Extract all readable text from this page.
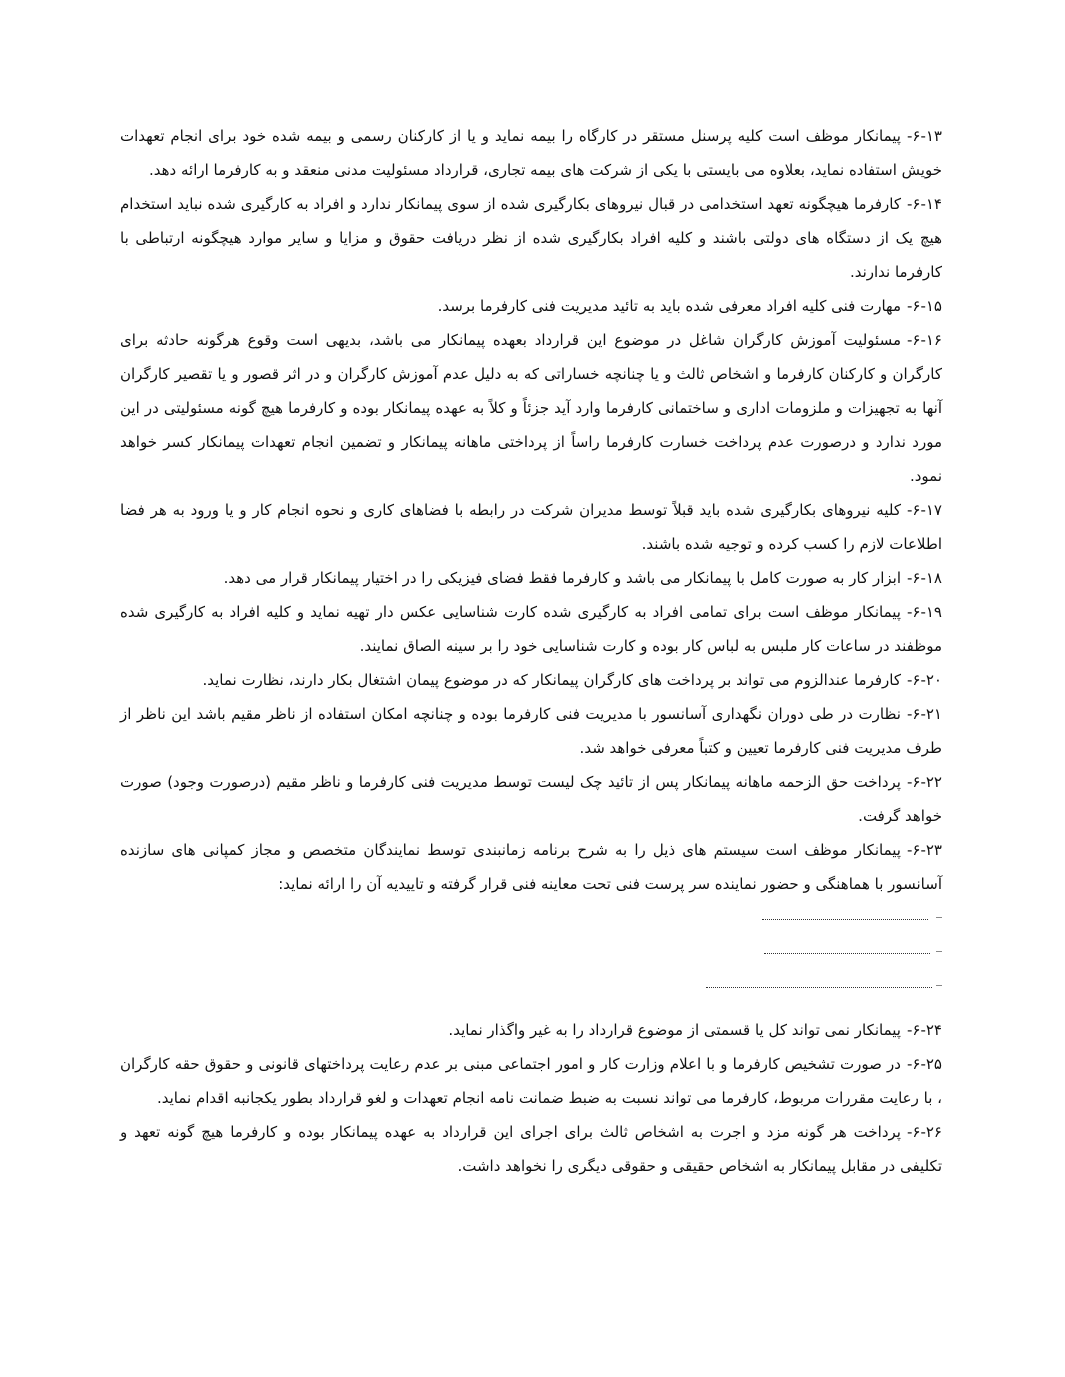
۶-۱۳-پیمانکار موظف است کلیه پرسنل مستقر در کارگاه را بیمه نماید و یا از کارکنان رسمی و بیمه شده خود برای انجام تعهدات خویش استفاده نماید، بعلاوه می بایستی با یکی از شرکت های بیمه تجاری، قرارداد مسئولیت مدنی منعقد و به کارفرما ارائه دهد.

۶-۱۴-کارفرما هیچگونه تعهد استخدامی در قبال نیروهای بکارگیری شده از سوی پیمانکار ندارد و افراد به کارگیری شده نباید استخدام هیچ یک از دستگاه های دولتی باشند و کلیه افراد بکارگیری شده از نظر دریافت حقوق و مزایا و سایر موارد هیچگونه ارتباطی با کارفرما ندارند.

۶-۱۵-مهارت فنی کلیه افراد معرفی شده باید به تائید مدیریت فنی کارفرما برسد.

۶-۱۶-مسئولیت آموزش کارگران شاغل در موضوع این قرارداد بعهده پیمانکار می باشد، بدیهی است وقوع هرگونه حادثه برای کارگران و کارکنان کارفرما و اشخاص ثالث و یا چنانچه خساراتی که به دلیل عدم آموزش کارگران و در اثر قصور و یا تقصیر کارگران آنها به تجهیزات و ملزومات اداری و ساختمانی کارفرما وارد آید جزئاً و کلاً به عهده پیمانکار بوده و کارفرما هیچ گونه مسئولیتی در این مورد ندارد و درصورت عدم پرداخت خسارت کارفرما راساً از پرداختی ماهانه پیمانکار و تضمین انجام تعهدات پیمانکار کسر خواهد نمود.

۶-۱۷-کلیه نیروهای بکارگیری شده باید قبلاً توسط مدیران شرکت در رابطه با فضاهای کاری و نحوه انجام کار و یا ورود به هر فضا اطلاعات لازم را کسب کرده و توجیه شده باشند.

۶-۱۸-ابزار کار به صورت کامل با پیمانکار می باشد و کارفرما فقط فضای فیزیکی را در اختیار پیمانکار قرار می دهد.

۶-۱۹-پیمانکار موظف است برای تمامی افراد به کارگیری شده کارت شناسایی عکس دار تهیه نماید و کلیه افراد به کارگیری شده موظفند در ساعات کار ملبس به لباس کار بوده و کارت شناسایی خود را بر سینه الصاق نمایند.

۶-۲۰-کارفرما عندالزوم می تواند بر پرداخت های کارگران پیمانکار که در موضوع پیمان اشتغال بکار دارند، نظارت نماید.

۶-۲۱-نظارت در طی دوران نگهداری آسانسور با مدیریت فنی کارفرما بوده و چنانچه امکان استفاده از ناظر مقیم باشد این ناظر از طرف مدیریت فنی کارفرما تعیین و کتباً معرفی خواهد شد.

۶-۲۲-پرداخت حق الزحمه ماهانه پیمانکار پس از تائید چک لیست توسط مدیریت فنی کارفرما و ناظر مقیم (درصورت وجود) صورت خواهد گرفت.

۶-۲۳-پیمانکار موظف است سیستم های ذیل را به شرح برنامه زمانبندی توسط نمایندگان متخصص و مجاز کمپانی های سازنده آسانسور با هماهنگی و حضور نماینده سر پرست فنی تحت معاینه فنی قرار گرفته و تاییدیه آن را ارائه نماید:

۶-۲۴-پیمانکار نمی تواند کل یا قسمتی از موضوع قرارداد را به غیر واگذار نماید.

۶-۲۵-در صورت تشخیص کارفرما و با اعلام وزارت کار و امور اجتماعی مبنی بر عدم رعایت پرداختهای قانونی و حقوق حقه کارگران ، با رعایت مقررات مربوط، کارفرما می تواند نسبت به ضبط ضمانت نامه انجام تعهدات و لغو قرارداد بطور یکجانبه اقدام نماید.

۶-۲۶-پرداخت هر گونه مزد و اجرت به اشخاص ثالث برای اجرای این قرارداد به عهده پیمانکار بوده و کارفرما هیچ گونه تعهد و تکلیفی در مقابل پیمانکار به اشخاص حقیقی و حقوقی دیگری را نخواهد داشت.
